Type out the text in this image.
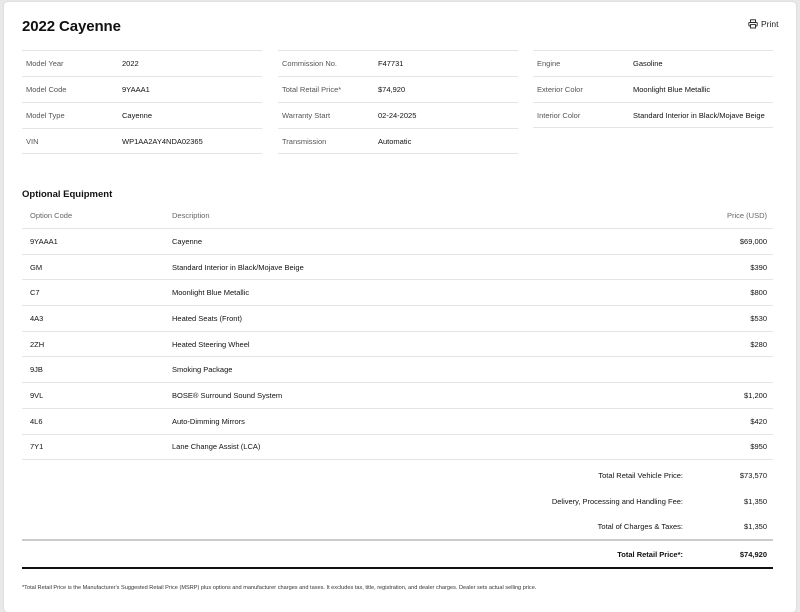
2022 Cayenne	Print
Model Year	2022
Model Code	9YAAA1
Model Type	Cayenne
VIN	WP1AA2AY4NDA02365
Commission No.	F47731
Total Retail Price*	$74,920
Warranty Start	02-24-2025
Transmission	Automatic
Engine	Gasoline
Exterior Color	Moonlight Blue Metallic
Interior Color	Standard Interior in Black/Mojave Beige
Optional Equipment
Option Code	Description	Price (USD)
9YAAA1	Cayenne	$69,000
GM	Standard Interior in Black/Mojave Beige	$390
C7	Moonlight Blue Metallic	$800
4A3	Heated Seats (Front)	$530
2ZH	Heated Steering Wheel	$280
9JB	Smoking Package
9VL	BOSE® Surround Sound System	$1,200
4L6	Auto-Dimming Mirrors	$420
7Y1	Lane Change Assist (LCA)	$950
Total Retail Vehicle Price:	$73,570
Delivery, Processing and Handling Fee:	$1,350
Total of Charges & Taxes:	$1,350
Total Retail Price*:	$74,920
*Total Retail Price is the Manufacturer's Suggested Retail Price (MSRP) plus options and manufacturer charges and taxes. It excludes tax, title, registration, and dealer charges. Dealer sets actual selling price.
